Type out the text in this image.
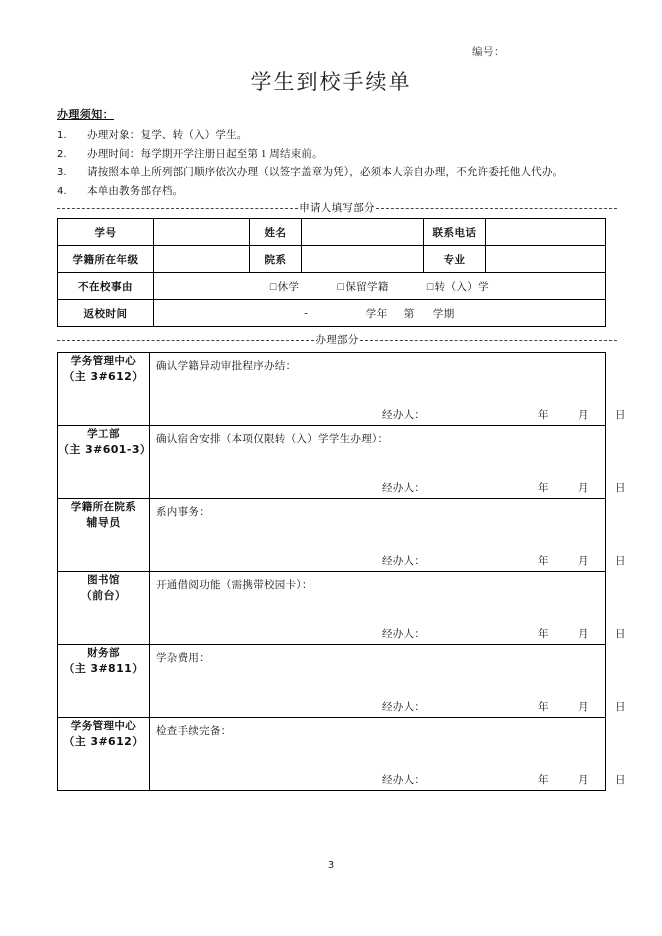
编号：
学生到校手续单
办理须知：
1.	办理对象：复学、转（入）学生。
2.	办理时间：每学期开学注册日起至第 1 周结束前。
3.	请按照本单上所列部门顺序依次办理（以签字盖章为凭），必须本人亲自办理，不允许委托他人代办。
4.	本单由教务部存档。
申请人填写部分
学号		姓名		联系电话	
学籍所在年级		院系		专业	
不在校事由	□休学 □保留学籍 □转（入）学				

返校时间	- 学年 第 学期				
办理部分
学务管理中心
（主 3#612）

确认学籍异动审批程序办结：
经办人：	年	月	日

学工部
（主 3#601-3）

确认宿舍安排（本项仅限转（入）学学生办理）：
经办人：	年	月	日

学籍所在院系
辅导员

系内事务：
经办人：	年	月	日

图书馆
（前台）

开通借阅功能（需携带校园卡）：
经办人：	年	月	日

财务部
（主 3#811）

学杂费用：
经办人：	年	月	日

学务管理中心
（主 3#612）

检查手续完备：
经办人：	年	月	日
3
